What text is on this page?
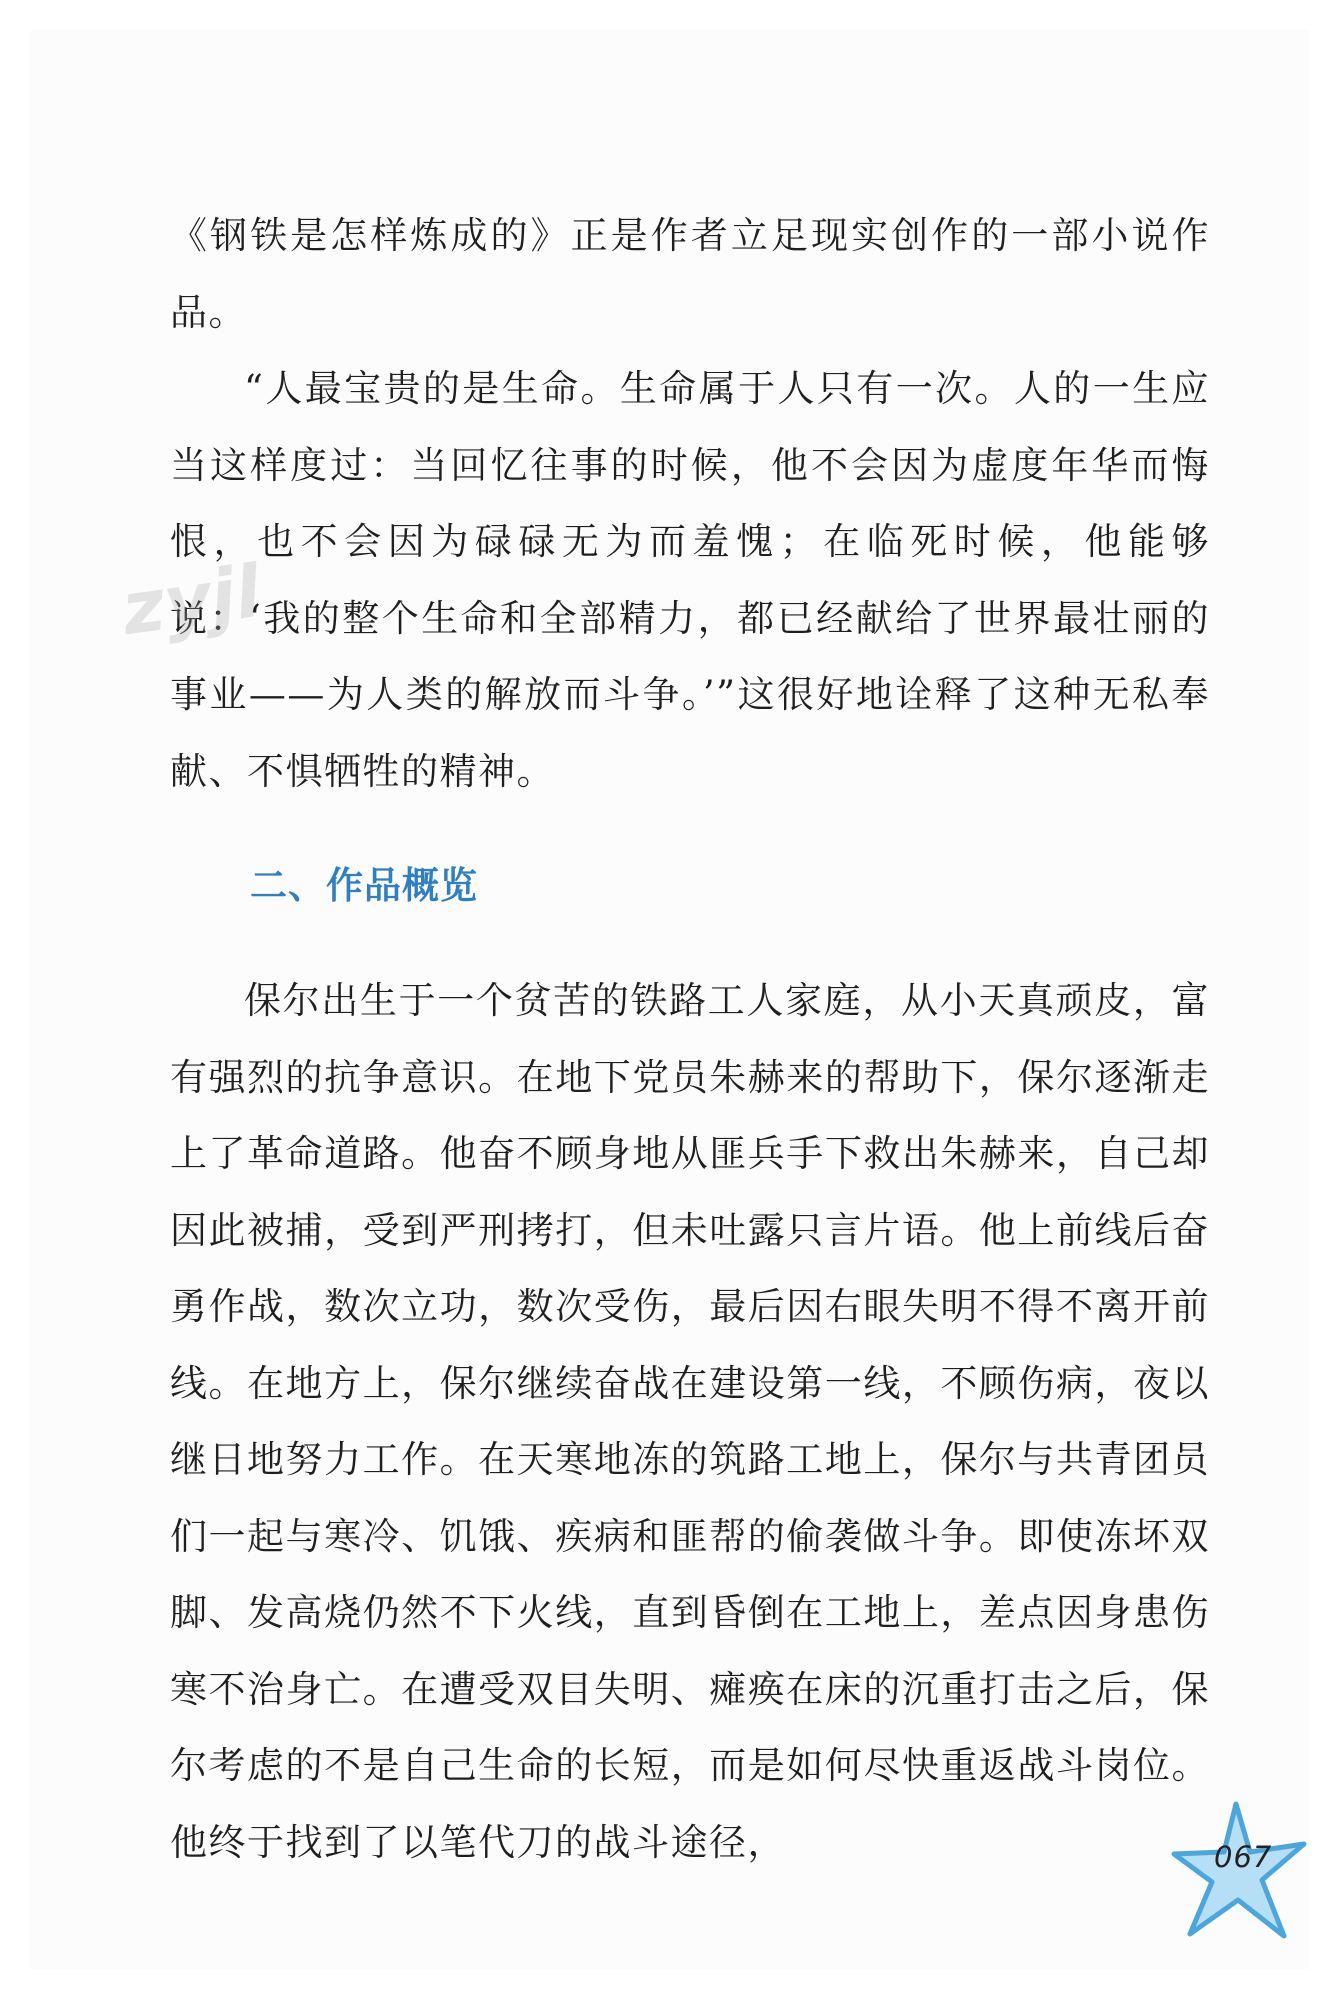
《钢铁是怎样炼成的》正是作者立足现实创作的一部小说作品。

“人最宝贵的是生命。生命属于人只有一次。人的一生应当这样度过：当回忆往事的时候，他不会因为虚度年华而悔恨，也不会因为碌碌无为而羞愧；在临死时候，他能够说：‘我的整个生命和全部精力，都已经献给了世界最壮丽的事业——为人类的解放而斗争。’”这很好地诠释了这种无私奉献、不惧牺牲的精神。

二、作品概览

保尔出生于一个贫苦的铁路工人家庭，从小天真顽皮，富有强烈的抗争意识。在地下党员朱赫来的帮助下，保尔逐渐走上了革命道路。他奋不顾身地从匪兵手下救出朱赫来，自己却因此被捕，受到严刑拷打，但未吐露只言片语。他上前线后奋勇作战，数次立功，数次受伤，最后因右眼失明不得不离开前线。在地方上，保尔继续奋战在建设第一线，不顾伤病，夜以继日地努力工作。在天寒地冻的筑路工地上，保尔与共青团员们一起与寒冷、饥饿、疾病和匪帮的偷袭做斗争。即使冻坏双脚、发高烧仍然不下火线，直到昏倒在工地上，差点因身患伤寒不治身亡。在遭受双目失明、瘫痪在床的沉重打击之后，保尔考虑的不是自己生命的长短，而是如何尽快重返战斗岗位。他终于找到了以笔代刀的战斗途径，

zyjl
067
